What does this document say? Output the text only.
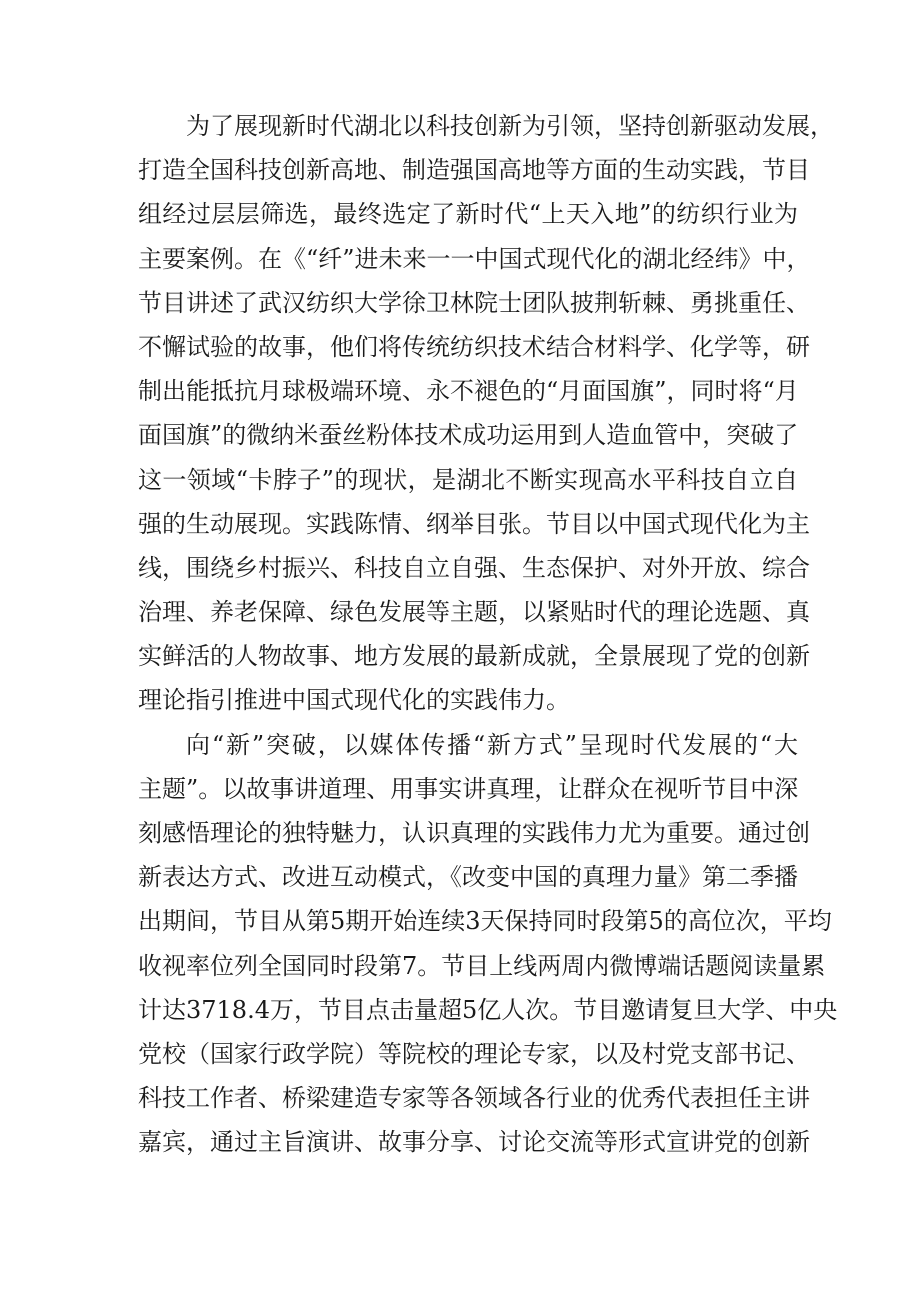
为了展现新时代湖北以科技创新为引领，坚持创新驱动发展，
打造全国科技创新高地、制造强国高地等方面的生动实践，节目
组经过层层筛选，最终选定了新时代“上天入地”的纺织行业为
主要案例。在《“纤”进未来一一中国式现代化的湖北经纬》中，
节目讲述了武汉纺织大学徐卫林院士团队披荆斩棘、勇挑重任、
不懈试验的故事，他们将传统纺织技术结合材料学、化学等，研
制出能抵抗月球极端环境、永不褪色的“月面国旗”，同时将“月
面国旗”的微纳米蚕丝粉体技术成功运用到人造血管中，突破了
这一领域“卡脖子”的现状，是湖北不断实现高水平科技自立自
强的生动展现。实践陈情、纲举目张。节目以中国式现代化为主
线，围绕乡村振兴、科技自立自强、生态保护、对外开放、综合
治理、养老保障、绿色发展等主题，以紧贴时代的理论选题、真
实鲜活的人物故事、地方发展的最新成就，全景展现了党的创新
理论指引推进中国式现代化的实践伟力。
向“新”突破，以媒体传播“新方式”呈现时代发展的“大
主题”。以故事讲道理、用事实讲真理，让群众在视听节目中深
刻感悟理论的独特魅力，认识真理的实践伟力尤为重要。通过创
新表达方式、改进互动模式，《改变中国的真理力量》第二季播
出期间，节目从第5期开始连续3天保持同时段第5的高位次，平均
收视率位列全国同时段第7。节目上线两周内微博端话题阅读量累
计达3718.4万，节目点击量超5亿人次。节目邀请复旦大学、中央
党校（国家行政学院）等院校的理论专家，以及村党支部书记、
科技工作者、桥梁建造专家等各领域各行业的优秀代表担任主讲
嘉宾，通过主旨演讲、故事分享、讨论交流等形式宣讲党的创新
